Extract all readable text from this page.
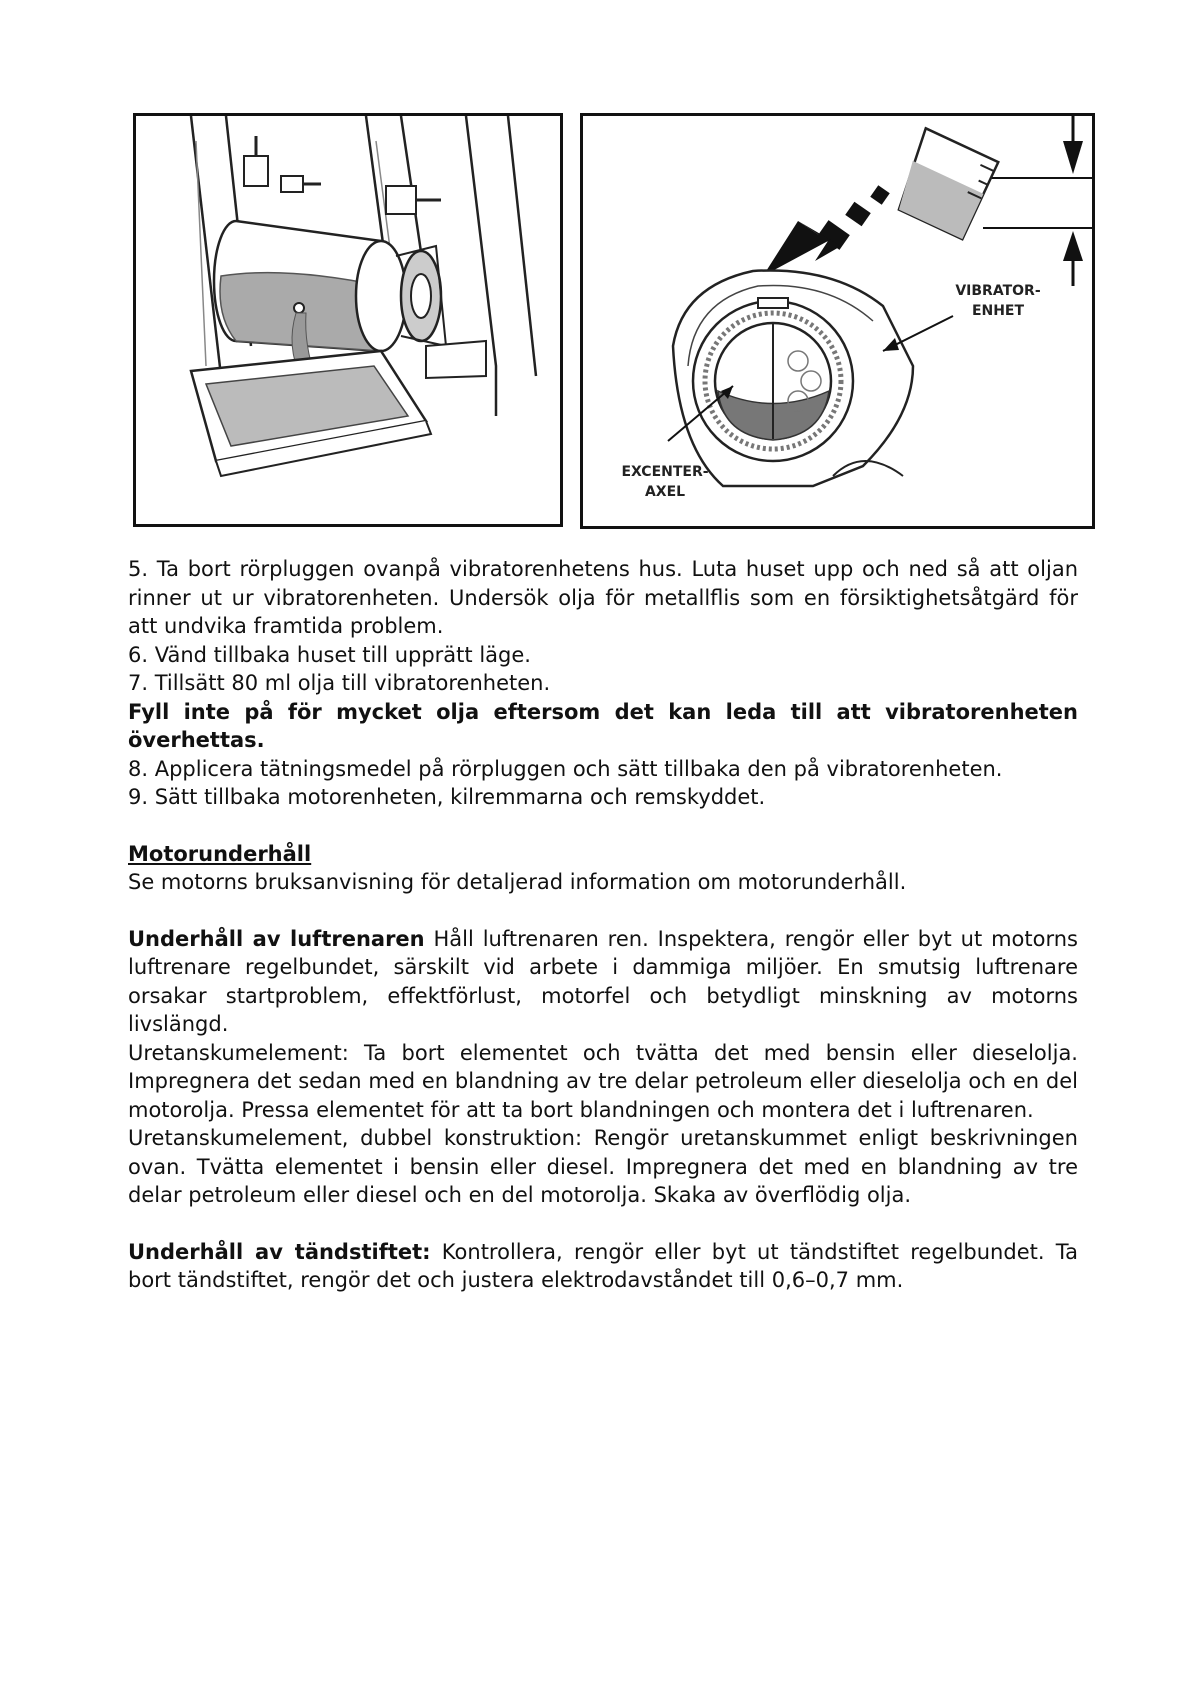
VIBRATOR-
ENHET
EXCENTER-
AXEL

5. Ta bort rörpluggen ovanpå vibratorenhetens hus. Luta huset upp och ned så att oljan rinner ut ur vibratorenheten. Undersök olja för metallflis som en försiktighetsåtgärd för att undvika framtida problem.

6. Vänd tillbaka huset till upprätt läge.

7. Tillsätt 80 ml olja till vibratorenheten.

Fyll inte på för mycket olja eftersom det kan leda till att vibratorenheten överhettas.

8. Applicera tätningsmedel på rörpluggen och sätt tillbaka den på vibratorenheten.

9. Sätt tillbaka motorenheten, kilremmarna och remskyddet.

Motorunderhåll

Se motorns bruksanvisning för detaljerad information om motorunderhåll.

Underhåll av luftrenaren Håll luftrenaren ren. Inspektera, rengör eller byt ut motorns luftrenare regelbundet, särskilt vid arbete i dammiga miljöer. En smutsig luftrenare orsakar startproblem, effektförlust, motorfel och betydligt minskning av motorns livslängd.

Uretanskumelement: Ta bort elementet och tvätta det med bensin eller dieselolja. Impregnera det sedan med en blandning av tre delar petroleum eller dieselolja och en del motorolja. Pressa elementet för att ta bort blandningen och montera det i luftrenaren.

Uretanskumelement, dubbel konstruktion: Rengör uretanskummet enligt beskrivningen ovan. Tvätta elementet i bensin eller diesel. Impregnera det med en blandning av tre delar petroleum eller diesel och en del motorolja. Skaka av överflödig olja.

Underhåll av tändstiftet: Kontrollera, rengör eller byt ut tändstiftet regelbundet. Ta bort tändstiftet, rengör det och justera elektrodavståndet till 0,6–0,7 mm.
